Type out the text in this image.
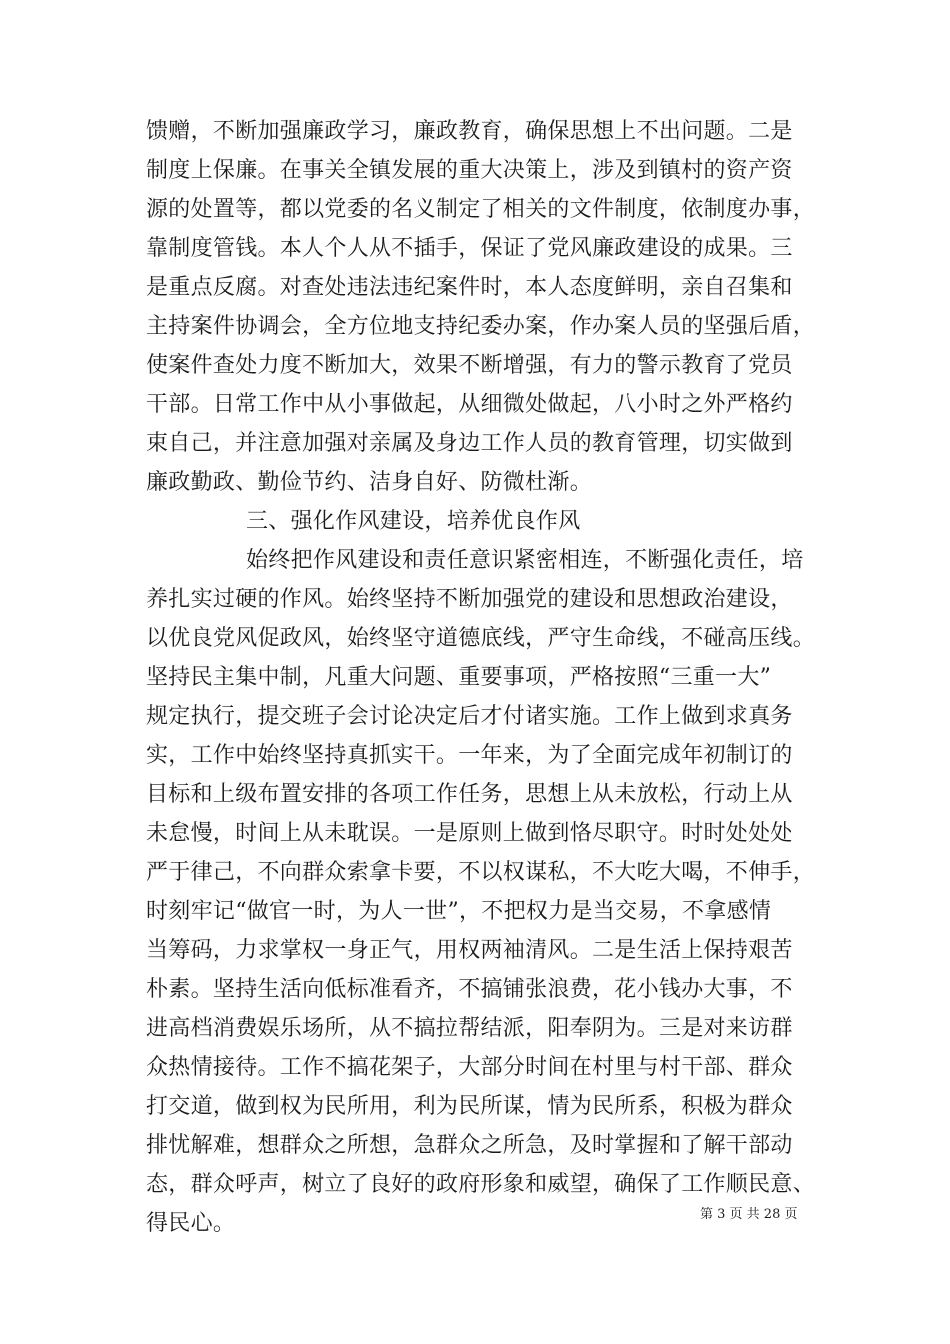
馈赠，不断加强廉政学习，廉政教育，确保思想上不出问题。二是
制度上保廉。在事关全镇发展的重大决策上，涉及到镇村的资产资
源的处置等，都以党委的名义制定了相关的文件制度，依制度办事，
靠制度管钱。本人个人从不插手，保证了党风廉政建设的成果。三
是重点反腐。对查处违法违纪案件时，本人态度鲜明，亲自召集和
主持案件协调会，全方位地支持纪委办案，作办案人员的坚强后盾，
使案件查处力度不断加大，效果不断增强，有力的警示教育了党员
干部。日常工作中从小事做起，从细微处做起，八小时之外严格约
束自己，并注意加强对亲属及身边工作人员的教育管理，切实做到
廉政勤政、勤俭节约、洁身自好、防微杜渐。
三、强化作风建设，培养优良作风
始终把作风建设和责任意识紧密相连，不断强化责任，培
养扎实过硬的作风。始终坚持不断加强党的建设和思想政治建设，
以优良党风促政风，始终坚守道德底线，严守生命线，不碰高压线。
坚持民主集中制，凡重大问题、重要事项，严格按照“三重一大”
规定执行，提交班子会讨论决定后才付诸实施。工作上做到求真务
实，工作中始终坚持真抓实干。一年来，为了全面完成年初制订的
目标和上级布置安排的各项工作任务，思想上从未放松，行动上从
未怠慢，时间上从未耽误。一是原则上做到恪尽职守。时时处处处
严于律己，不向群众索拿卡要，不以权谋私，不大吃大喝，不伸手，
时刻牢记“做官一时，为人一世”，不把权力是当交易，不拿感情
当筹码，力求掌权一身正气，用权两袖清风。二是生活上保持艰苦
朴素。坚持生活向低标准看齐，不搞铺张浪费，花小钱办大事，不
进高档消费娱乐场所，从不搞拉帮结派，阳奉阴为。三是对来访群
众热情接待。工作不搞花架子，大部分时间在村里与村干部、群众
打交道，做到权为民所用，利为民所谋，情为民所系，积极为群众
排忧解难，想群众之所想，急群众之所急，及时掌握和了解干部动
态，群众呼声，树立了良好的政府形象和威望，确保了工作顺民意、
得民心。	第 3 页 共 28 页
